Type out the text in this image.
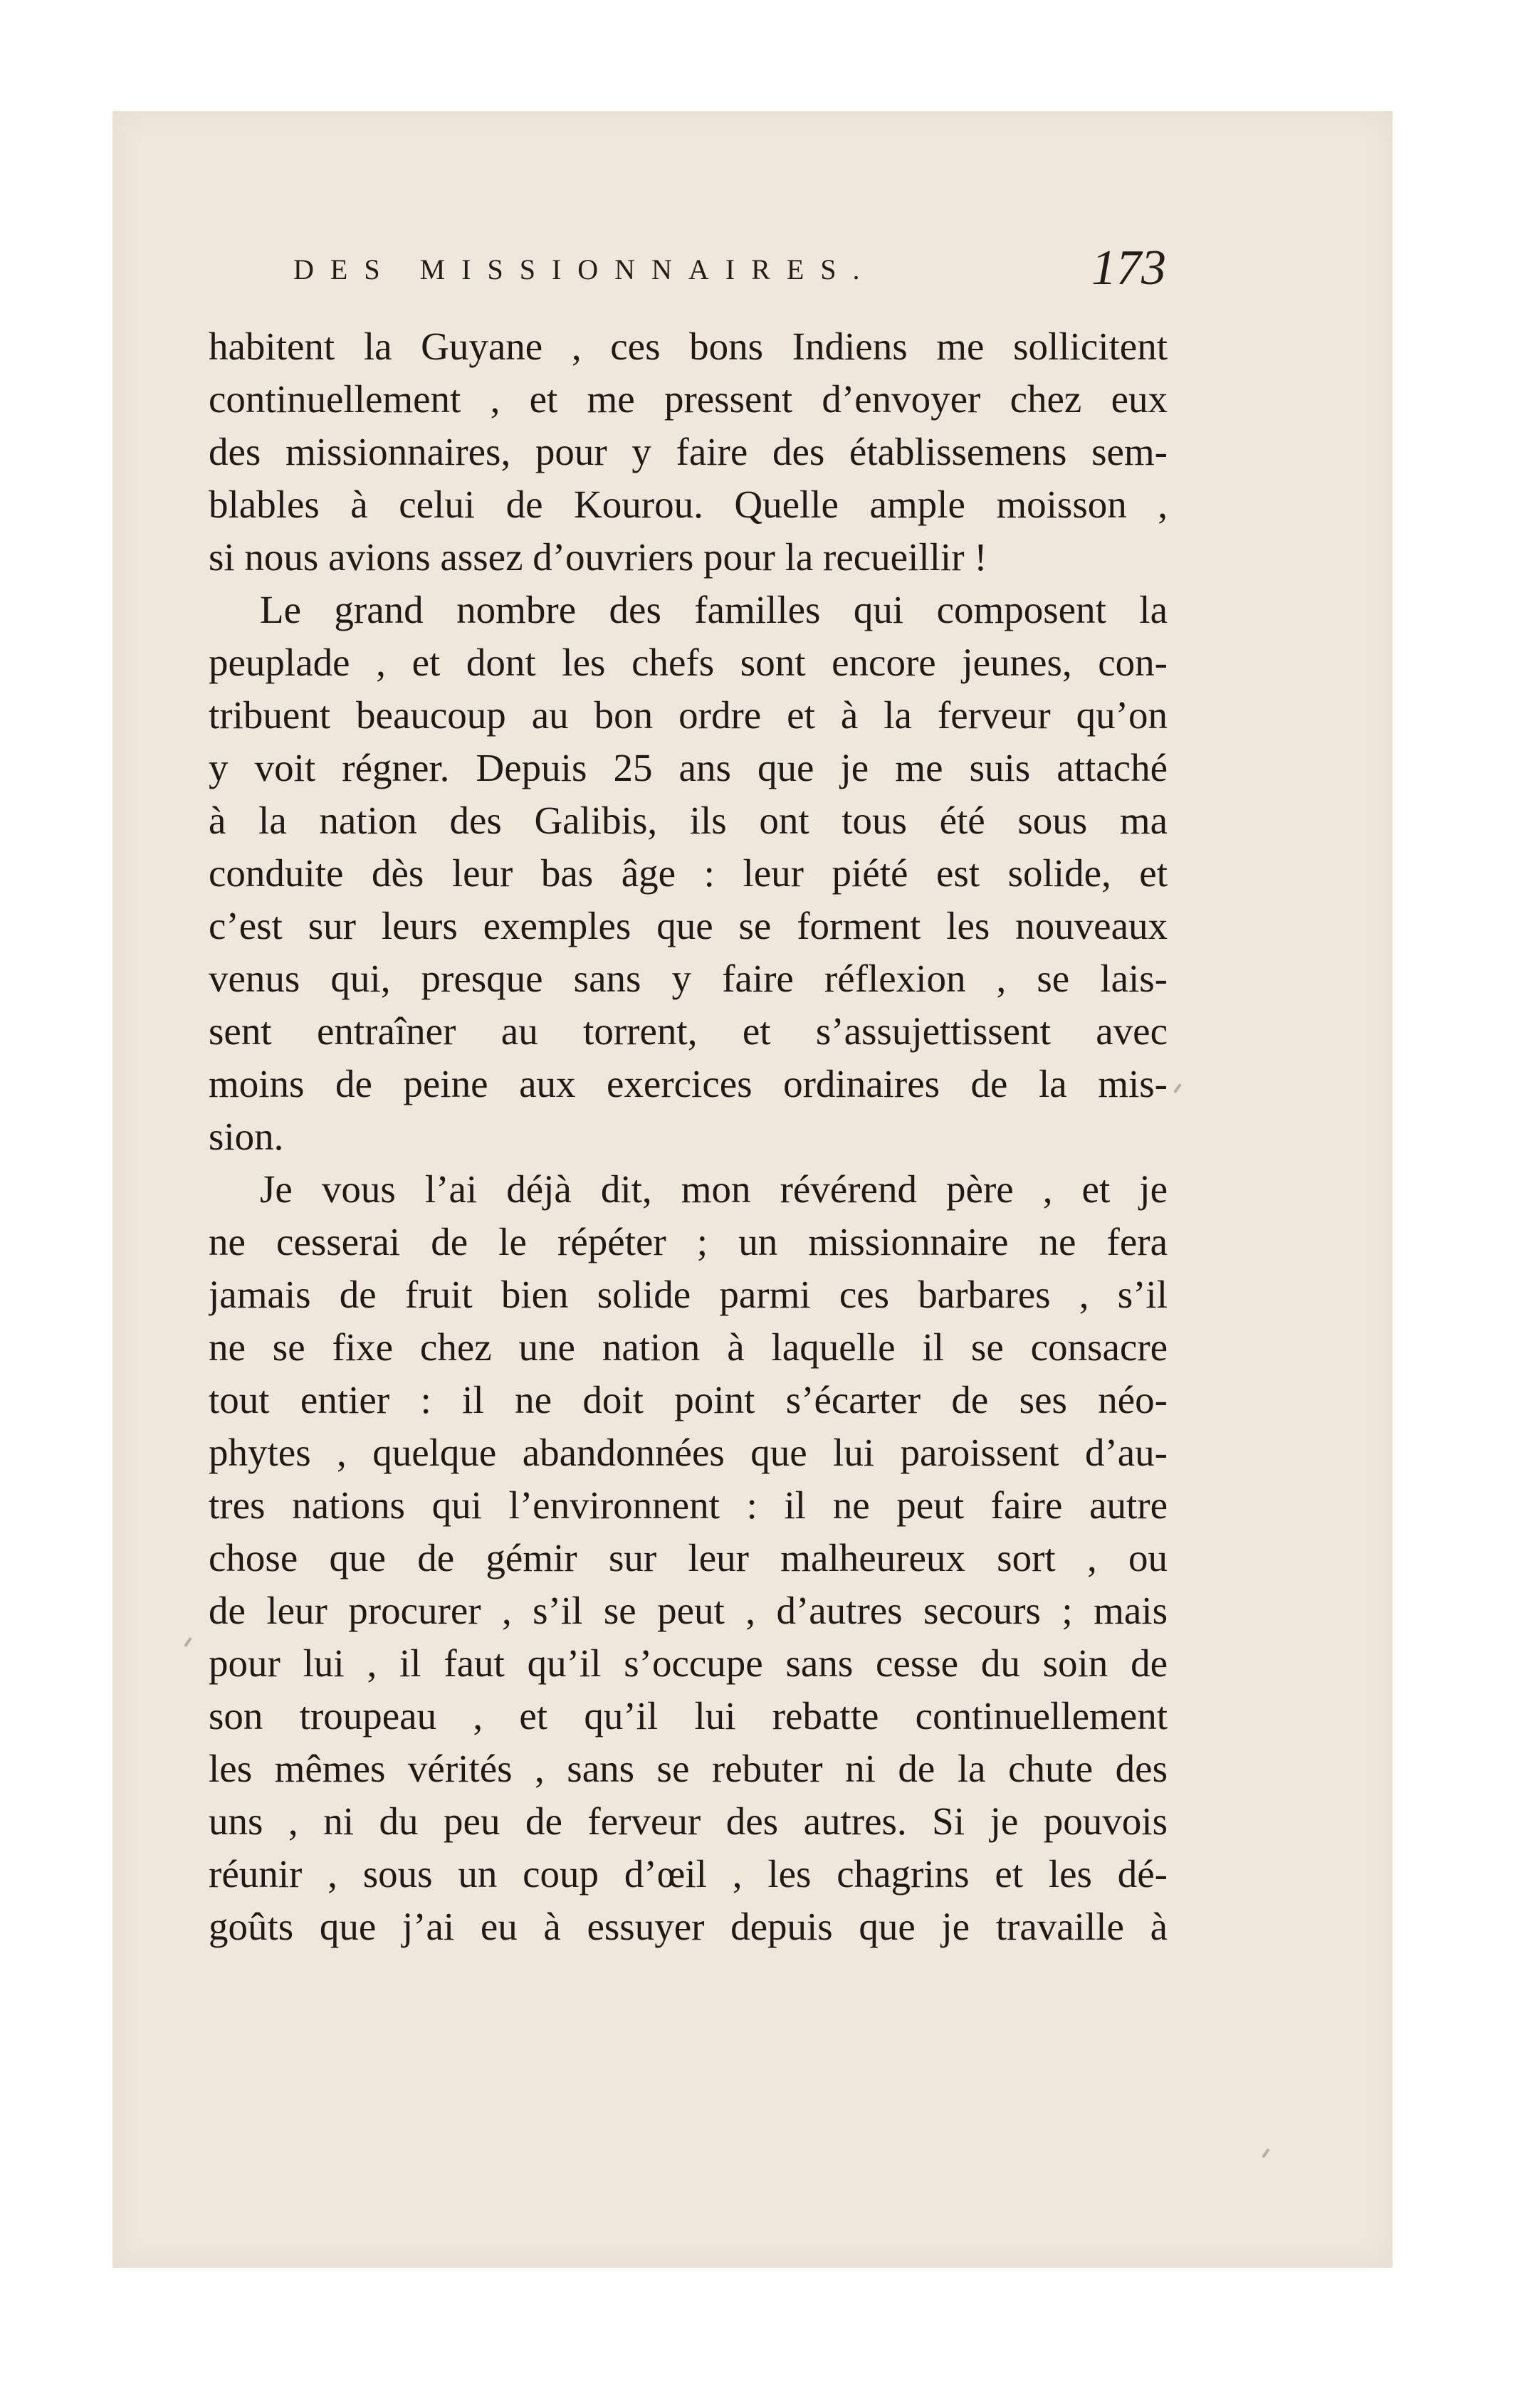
DES MISSIONNAIRES.	173
habitent la Guyane , ces bons Indiens me sollicitent
continuellement , et me pressent d’envoyer chez eux
des missionnaires, pour y faire des établissemens sem-
blables à celui de Kourou. Quelle ample moisson ,
si nous avions assez d’ouvriers pour la recueillir !
Le grand nombre des familles qui composent la
peuplade , et dont les chefs sont encore jeunes, con-
tribuent beaucoup au bon ordre et à la ferveur qu’on
y voit régner. Depuis 25 ans que je me suis attaché
à la nation des Galibis, ils ont tous été sous ma
conduite dès leur bas âge : leur piété est solide, et
c’est sur leurs exemples que se forment les nouveaux
venus qui, presque sans y faire réflexion , se lais-
sent entraîner au torrent, et s’assujettissent avec
moins de peine aux exercices ordinaires de la mis-
sion.
Je vous l’ai déjà dit, mon révérend père , et je
ne cesserai de le répéter ; un missionnaire ne fera
jamais de fruit bien solide parmi ces barbares , s’il
ne se fixe chez une nation à laquelle il se consacre
tout entier : il ne doit point s’écarter de ses néo-
phytes , quelque abandonnées que lui paroissent d’au-
tres nations qui l’environnent : il ne peut faire autre
chose que de gémir sur leur malheureux sort , ou
de leur procurer , s’il se peut , d’autres secours ; mais
pour lui , il faut qu’il s’occupe sans cesse du soin de
son troupeau , et qu’il lui rebatte continuellement
les mêmes vérités , sans se rebuter ni de la chute des
uns , ni du peu de ferveur des autres. Si je pouvois
réunir , sous un coup d’œil , les chagrins et les dé-
goûts que j’ai eu à essuyer depuis que je travaille à
